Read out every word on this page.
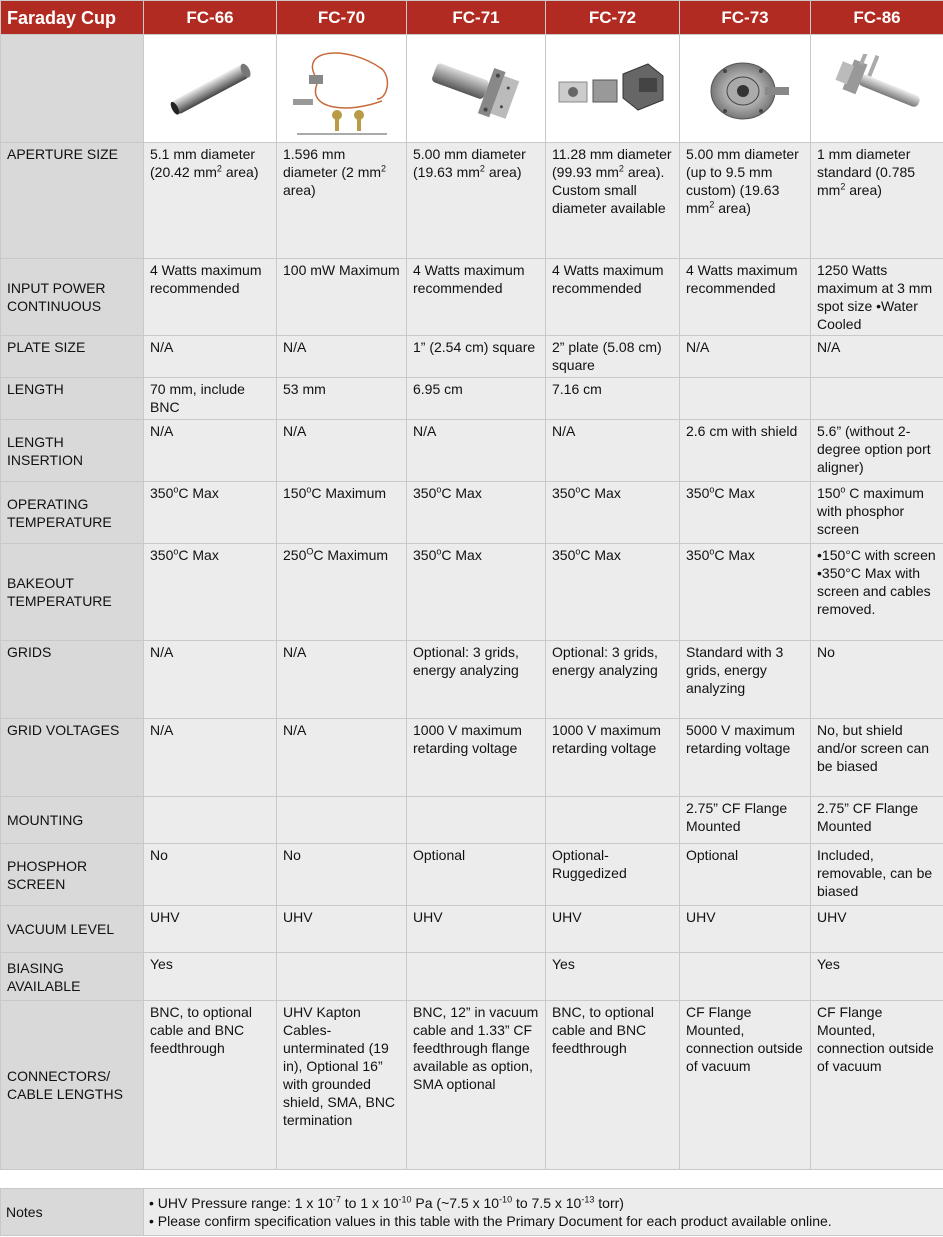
Faraday Cup	FC-66	FC-70	FC-71	FC-72	FC-73	FC-86

APERTURE SIZE	5.1 mm diameter (20.42 $mm^2$ area)	1.596 mm diameter (2 $mm^2$ area)	5.00 mm diameter (19.63 $mm^2$ area)	11.28 mm diameter (99.93 $mm^2$ area). Custom small diameter available	5.00 mm diameter (up to 9.5 mm custom) (19.63 $mm^2$ area)	1 mm diameter standard (0.785 $mm^2$ area)
INPUT POWER CONTINUOUS	4 Watts maximum recommended	100 mW Maximum	4 Watts maximum recommended	4 Watts maximum recommended	4 Watts maximum recommended	1250 Watts maximum at 3 mm spot size •Water Cooled
PLATE SIZE	N/A	N/A	1” (2.54 cm) square	2” plate (5.08 cm) square	N/A	N/A
LENGTH	70 mm, include BNC	53 mm	6.95 cm	7.16 cm		
LENGTH INSERTION	N/A	N/A	N/A	N/A	2.6 cm with shield	5.6” (without 2-degree option port aligner)
OPERATING TEMPERATURE	350$^o$C Max	150$^o$C Maximum	350$^o$C Max	350$^o$C Max	350$^o$C Max	150$^o$ C maximum with phosphor screen
BAKEOUT TEMPERATURE	350$^o$C Max	$250^OC$ Maximum	350$^o$C Max	350$^o$C Max	350$^o$C Max	•150°C with screen •350°C Max with screen and cables removed.
GRIDS	N/A	N/A	Optional: 3 grids, energy analyzing	Optional: 3 grids, energy analyzing	Standard with 3 grids, energy analyzing	No
GRID VOLTAGES	N/A	N/A	1000 V maximum retarding voltage	1000 V maximum retarding voltage	5000 V maximum retarding voltage	No, but shield and/or screen can be biased
MOUNTING					2.75” CF Flange Mounted	2.75” CF Flange Mounted
PHOSPHOR SCREEN	No	No	Optional	Optional- Ruggedized	Optional	Included, removable, can be biased
VACUUM LEVEL	UHV	UHV	UHV	UHV	UHV	UHV
BIASING AVAILABLE	Yes			Yes		Yes
CONNECTORS/ CABLE LENGTHS	BNC, to optional cable and BNC feedthrough	UHV Kapton Cables- unterminated (19 in), Optional 16” with grounded shield, SMA, BNC termination	BNC, 12” in vacuum cable and 1.33” CF feedthrough flange available as option, SMA optional	BNC, to optional cable and BNC feedthrough	CF Flange Mounted, connection outside of vacuum	CF Flange Mounted, connection outside of vacuum
Notes	
• UHV Pressure range: 1 x $10^{-7}$ to 1 x $10^{-10}$ Pa (~7.5 x $10^{-10}$ to 7.5 x $10^{-13}$ torr)
• Please confirm specification values in this table with the Primary Document for each product available online.
